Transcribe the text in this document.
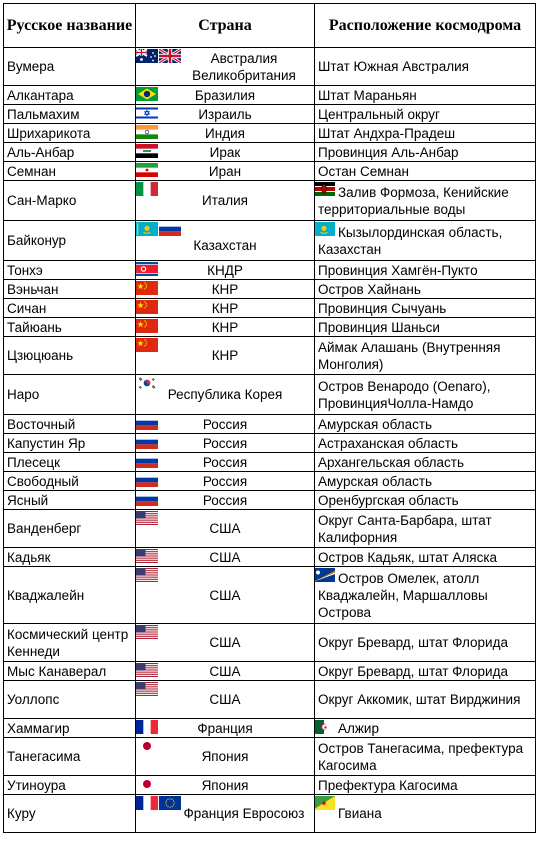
Русское название	Страна	Расположение космодрома
Вумера	Австралия Великобритания	Штат Южная Австралия

Алкантара	Бразилия	Штат Мараньян

Пальмахим	Израиль	Центральный округ

Шрихарикота	Индия	Штат Андхра-Прадеш

Аль-Анбар	Ирак	Провинция Аль-Анбар

Семнан	Иран	Остан Семнан

Сан-Марко	Италия	Залив Формоза, Кенийские территориальные воды

Байконур	Казахстан	Кызылординская область, Казахстан

Тонхэ	КНДР	Провинция Хамгён-Пуктo

Вэньчан	КНР	Остров Хайнань

Сичан	КНР	Провинция Сычуань

Тайюань	КНР	Провинция Шаньси

Цзюцюань	КНР	Аймак Алашань (Внутренняя Монголия)

Наро	Республика Корея	Остров Венародо (Oenaro), ПровинцияЧолла-Намдо

Восточный	Россия	Амурская область

Капустин Яр	Россия	Астраханская область

Плесецк	Россия	Архангельская область

Свободный	Россия	Амурская область

Ясный	Россия	Оренбургская область

Ванденберг	США	Округ Санта-Барбара, штат Калифорния

Кадьяк	США	Остров Кадьяк, штат Аляска

Кваджалейн	США	Остров Омелек, атолл Кваджалейн, Маршалловы Острова

Космический центр Кеннеди	США	Округ Бревард, штат Флорида

Мыс Канаверал	США	Округ Бревард, штат Флорида

Уоллопс	США	Округ Аккомик, штат Вирджиния

Хаммагир	Франция	Алжир

Танегасима	Япония	Остров Танегасима, префектура Кагосима

Утиноура	Япония	Префектура Кагосима

Куру	Франция Евросоюз	Гвиана
